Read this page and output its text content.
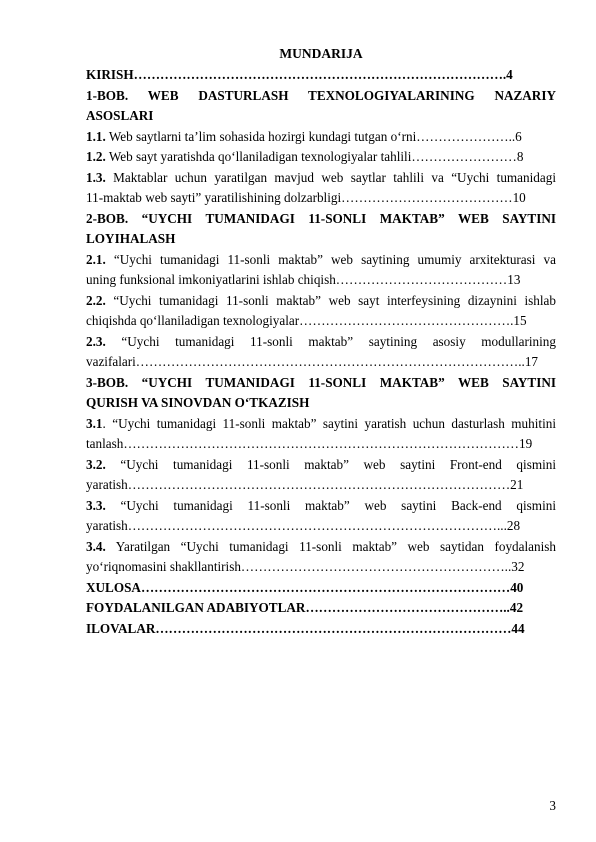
MUNDARIJA
KIRISH………………………………………………………………………….4
1-BOB. WEB DASTURLASH TEXNOLOGIYALARINING NAZARIY
ASOSLARI
1.1. Web saytlarni ta’lim sohasida hozirgi kundagi tutgan o‘rni…………………..6
1.2. Web sayt yaratishda qo‘llaniladigan texnologiyalar tahlili……………………8
1.3. Maktablar uchun yaratilgan mavjud web saytlar tahlili va “Uychi tumanidagi
11-maktab web sayti” yaratilishining dolzarbligi…………………………………10
2-BOB. “UYCHI TUMANIDAGI 11-SONLI MAKTAB” WEB SAYTINI
LOYIHALASH
2.1. “Uychi tumanidagi 11-sonli maktab” web saytining umumiy arxitekturasi va
uning funksional imkoniyatlarini ishlab chiqish…………………………………13
2.2. “Uychi tumanidagi 11-sonli maktab” web sayt interfeysining dizaynini ishlab
chiqishda qo‘llaniladigan texnologiyalar………………………………………….15
2.3. “Uychi tumanidagi 11-sonli maktab” saytining asosiy modullarining
vazifalari……………………………………………………………………………..17
3-BOB. “UYCHI TUMANIDAGI 11-SONLI MAKTAB” WEB SAYTINI
QURISH VA SINOVDAN O‘TKAZISH
3.1. “Uychi tumanidagi 11-sonli maktab” saytini yaratish uchun dasturlash muhitini
tanlash………………………………………………………………………………19
3.2. “Uychi tumanidagi 11-sonli maktab” web saytini Front-end qismini
yaratish……………………………………………………………………………21
3.3. “Uychi tumanidagi 11-sonli maktab” web saytini Back-end qismini
yaratish…………………………………………………………………………...28
3.4. Yaratilgan “Uychi tumanidagi 11-sonli maktab” web saytidan foydalanish
yo‘riqnomasini shakllantirish……………………………………………………..32
XULOSA…………………………………………………………………………40
FOYDALANILGAN ADABIYOTLAR………………………………………..42
ILOVALAR………………………………………………………………………44
3
